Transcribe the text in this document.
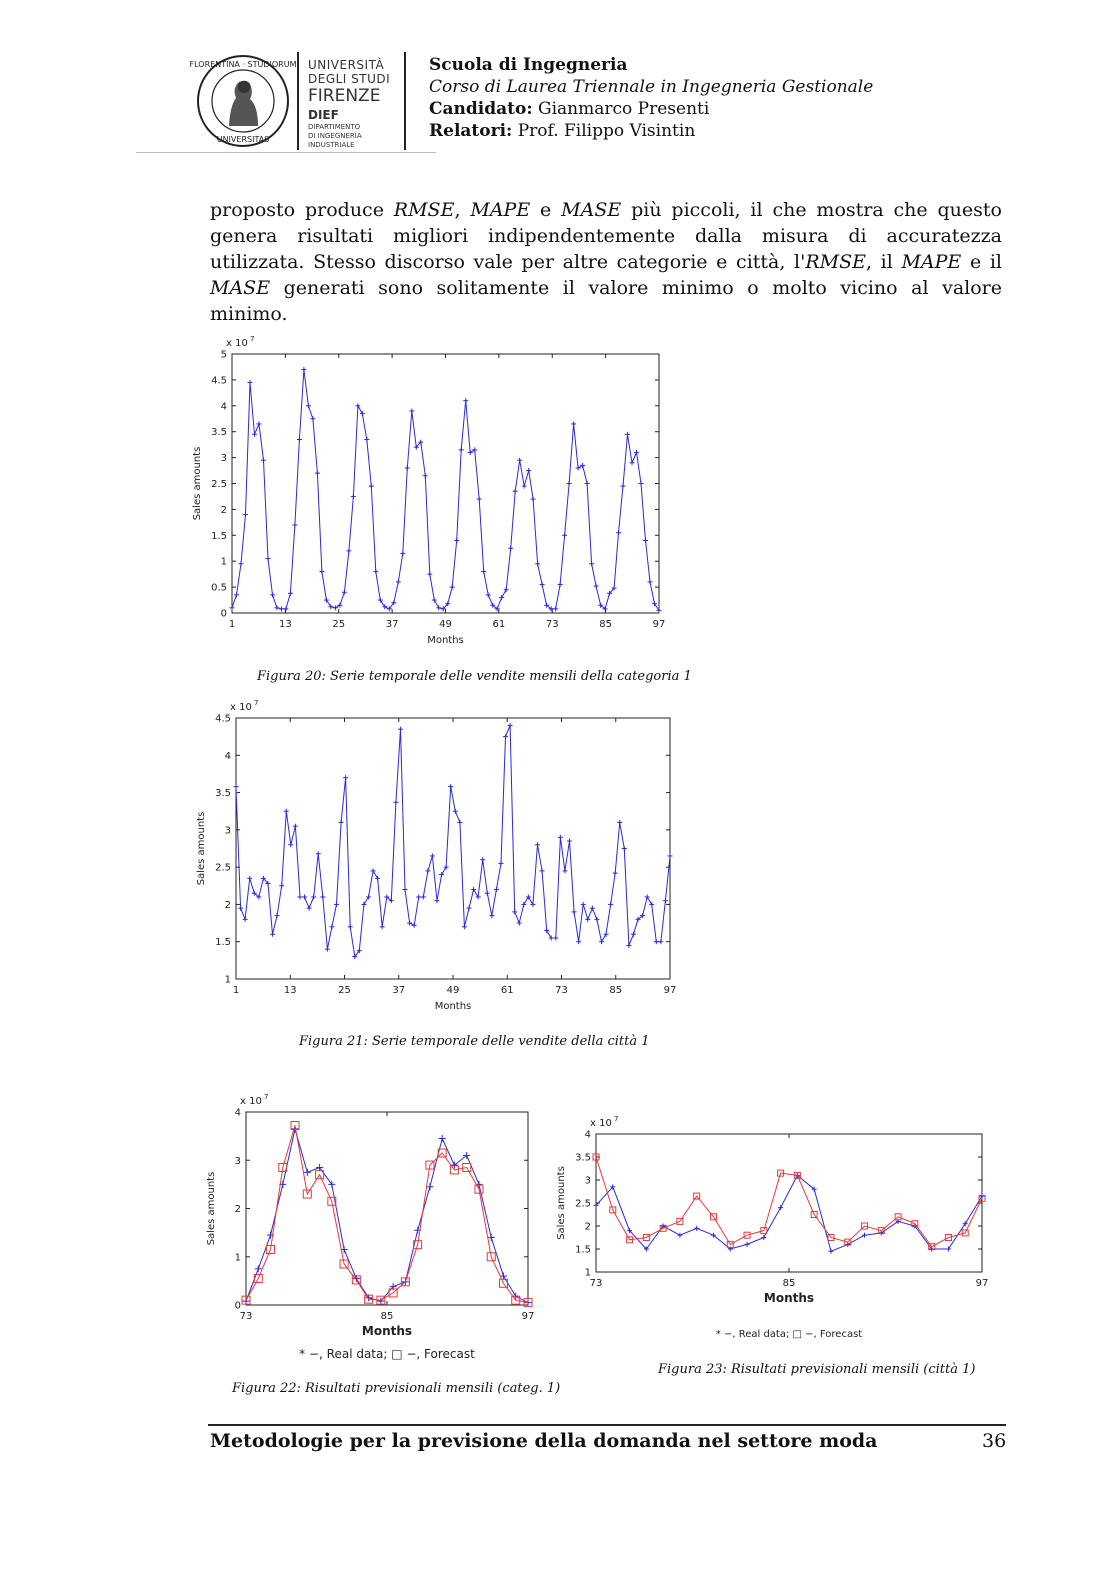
FLORENTINA · STUDIORUM
UNIVERSITAS
UNIVERSITÀ
DEGLI STUDI
FIRENZE
DIEF
DIPARTIMENTO
DI INGEGNERIA
INDUSTRIALE
Scuola di Ingegneria
Corso di Laurea Triennale in Ingegneria Gestionale
Candidato: Gianmarco Presenti
Relatori: Prof. Filippo Visintin
proposto produce RMSE, MAPE e MASE più piccoli, il che mostra che questo genera risultati migliori indipendentemente dalla misura di accuratezza utilizzata. Stesso discorso vale per altre categorie e città, l'RMSE, il MAPE e il MASE generati sono solitamente il valore minimo o molto vicino al valore minimo.
0
0.5
1
1.5
2
2.5
3
3.5
4
4.5
5
1	13	25	37	49	61	73	85	97
x 10 7
Months
Sales amounts
Figura 20: Serie temporale delle vendite mensili della categoria 1
1
1.5
2
2.5
3
3.5
4
4.5
1	13	25	37	49	61	73	85	97
x 10 7
Months
Sales amounts
Figura 21: Serie temporale delle vendite della città 1
0
1
2
3
4
73	85	97
x 10 7
Months
Sales amounts
* −, Real data; □ −, Forecast
Figura 22: Risultati previsionali mensili (categ. 1)
1
1.5
2
2.5
3
3.5
4
73	85	97
x 10 7
Months
Sales amounts
* −, Real data; □ −, Forecast
Figura 23: Risultati previsionali mensili (città 1)
Metodologie per la previsione della domanda nel settore moda	36
